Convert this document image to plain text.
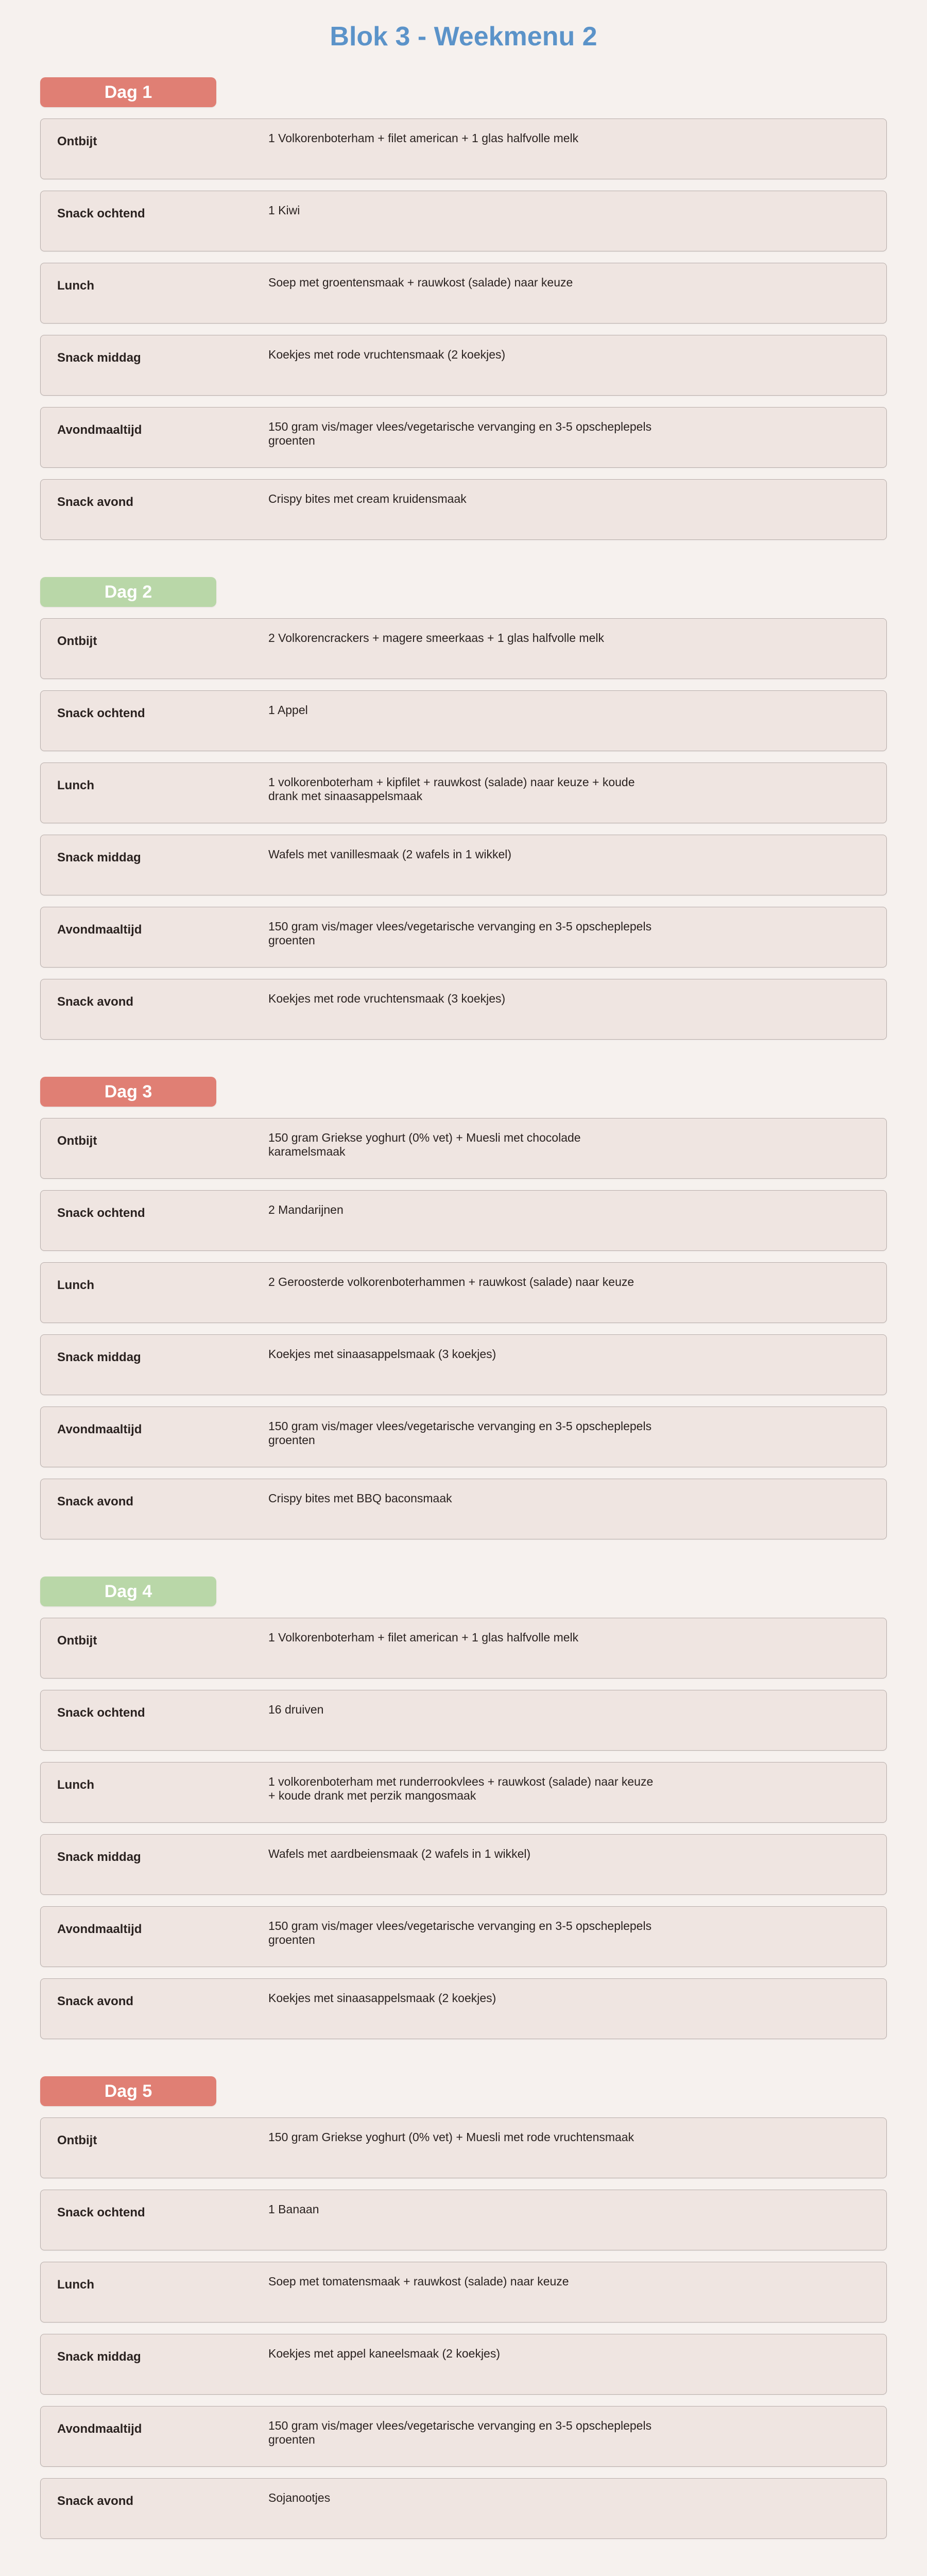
Blok 3 - Weekmenu 2
Dag 1
Ontbijt	1 Volkorenboterham + filet american + 1 glas halfvolle melk
Snack ochtend	1 Kiwi
Lunch	Soep met groentensmaak + rauwkost (salade) naar keuze
Snack middag	Koekjes met rode vruchtensmaak (2 koekjes)
Avondmaaltijd	150 gram vis/mager vlees/vegetarische vervanging en 3-5 opscheplepels groenten
Snack avond	Crispy bites met cream kruidensmaak
Dag 2
Ontbijt	2 Volkorencrackers + magere smeerkaas + 1 glas halfvolle melk
Snack ochtend	1 Appel
Lunch	1 volkorenboterham + kipfilet + rauwkost (salade) naar keuze + koude drank met sinaasappelsmaak
Snack middag	Wafels met vanillesmaak (2 wafels in 1 wikkel)
Avondmaaltijd	150 gram vis/mager vlees/vegetarische vervanging en 3-5 opscheplepels groenten
Snack avond	Koekjes met rode vruchtensmaak (3 koekjes)
Dag 3
Ontbijt	150 gram Griekse yoghurt (0% vet) + Muesli met chocolade karamelsmaak
Snack ochtend	2 Mandarijnen
Lunch	2 Geroosterde volkorenboterhammen + rauwkost (salade) naar keuze
Snack middag	Koekjes met sinaasappelsmaak (3 koekjes)
Avondmaaltijd	150 gram vis/mager vlees/vegetarische vervanging en 3-5 opscheplepels groenten
Snack avond	Crispy bites met BBQ baconsmaak
Dag 4
Ontbijt	1 Volkorenboterham + filet american + 1 glas halfvolle melk
Snack ochtend	16 druiven
Lunch	1 volkorenboterham met runderrookvlees + rauwkost (salade) naar keuze + koude drank met perzik mangosmaak
Snack middag	Wafels met aardbeiensmaak (2 wafels in 1 wikkel)
Avondmaaltijd	150 gram vis/mager vlees/vegetarische vervanging en 3-5 opscheplepels groenten
Snack avond	Koekjes met sinaasappelsmaak (2 koekjes)
Dag 5
Ontbijt	150 gram Griekse yoghurt (0% vet) + Muesli met rode vruchtensmaak
Snack ochtend	1 Banaan
Lunch	Soep met tomatensmaak + rauwkost (salade) naar keuze
Snack middag	Koekjes met appel kaneelsmaak (2 koekjes)
Avondmaaltijd	150 gram vis/mager vlees/vegetarische vervanging en 3-5 opscheplepels groenten
Snack avond	Sojanootjes
